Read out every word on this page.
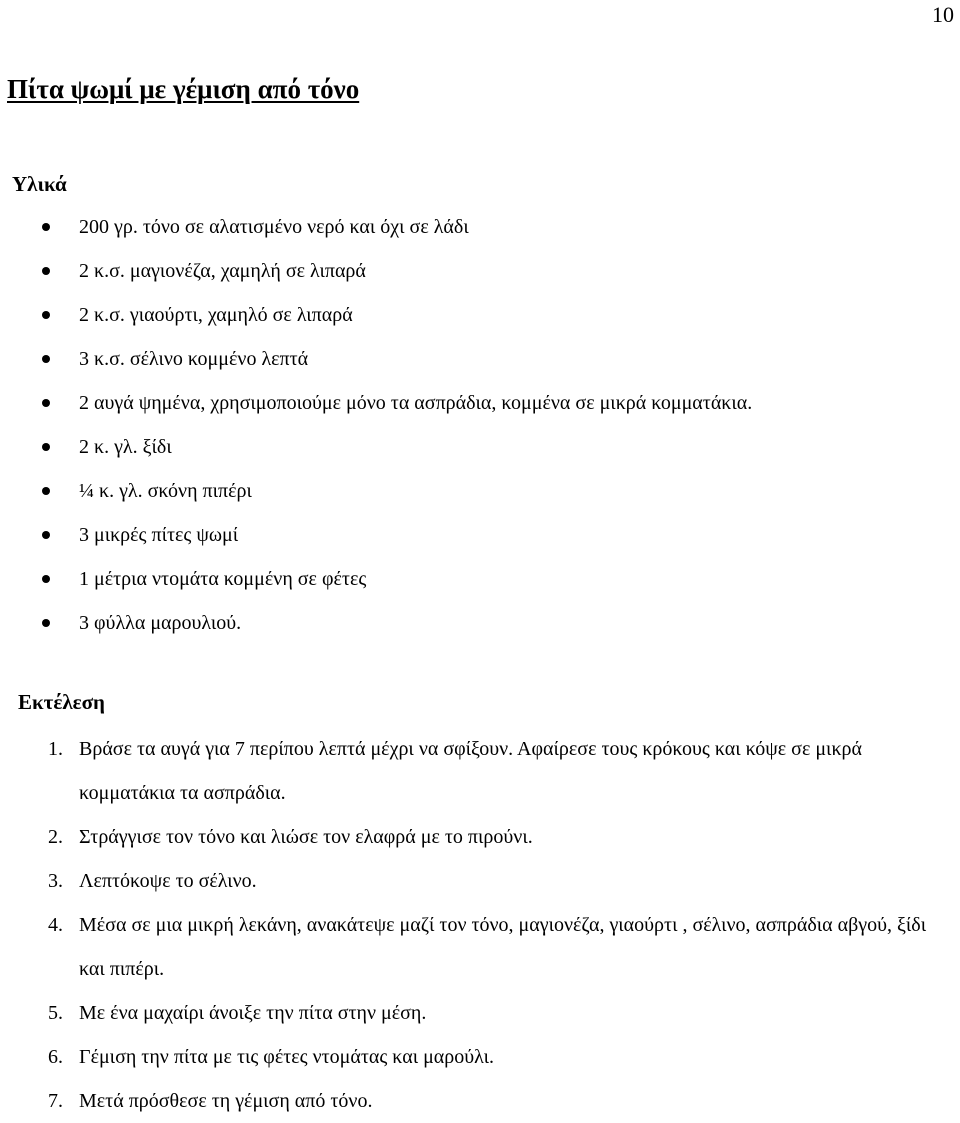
10
Πίτα ψωμί με γέμιση από τόνο
Υλικά
200 γρ. τόνο σε αλατισμένο νερό και όχι σε λάδι
2 κ.σ. μαγιονέζα, χαμηλή σε λιπαρά
2 κ.σ. γιαούρτι, χαμηλό σε λιπαρά
3 κ.σ. σέλινο κομμένο λεπτά
2 αυγά ψημένα, χρησιμοποιούμε μόνο τα ασπράδια, κομμένα σε μικρά κομματάκια.
2 κ. γλ. ξίδι
¼ κ. γλ. σκόνη πιπέρι
3 μικρές πίτες ψωμί
1 μέτρια ντομάτα κομμένη σε φέτες
3 φύλλα μαρουλιού.
Εκτέλεση
1. Βράσε τα αυγά για 7 περίπου λεπτά μέχρι να σφίξουν. Αφαίρεσε τους κρόκους και κόψε σε μικρά κομματάκια τα ασπράδια.
2. Στράγγισε τον τόνο και λιώσε τον ελαφρά με το πιρούνι.
3. Λεπτόκοψε το σέλινο.
4. Μέσα σε μια μικρή λεκάνη, ανακάτεψε μαζί τον τόνο, μαγιονέζα, γιαούρτι , σέλινο, ασπράδια αβγού, ξίδι και πιπέρι.
5. Με ένα μαχαίρι άνοιξε την πίτα στην μέση.
6. Γέμιση την πίτα με τις φέτες ντομάτας και μαρούλι.
7. Μετά πρόσθεσε τη γέμιση από τόνο.
